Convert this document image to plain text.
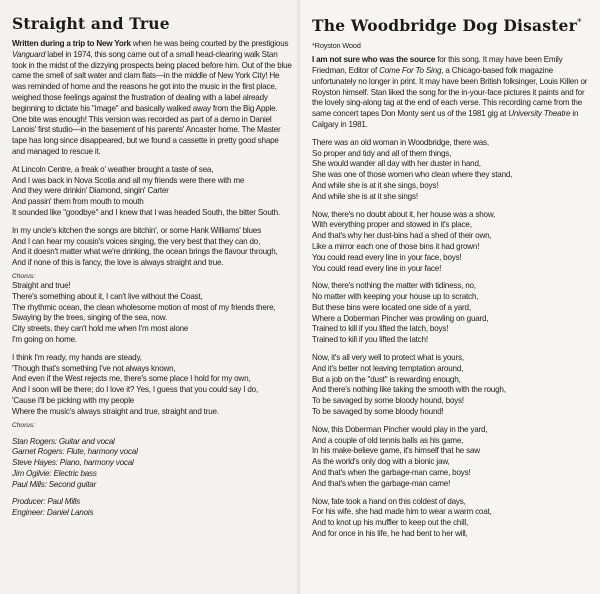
Straight and True

Written during a trip to New York when he was being courted by the prestigious Vanguard label in 1974, this song came out of a small head-clearing walk Stan took in the midst of the dizzying prospects being placed before him. Out of the blue came the smell of salt water and clam flats—in the middle of New York City! He was reminded of home and the reasons he got into the music in the first place, weighed those feelings against the frustration of dealing with a label already beginning to dictate his "image" and basically walked away from the Big Apple. One bite was enough! This version was recorded as part of a demo in Daniel Lanois' first studio—in the basement of his parents' Ancaster home. The Master tape has long since disappeared, but we found a cassette in pretty good shape and managed to rescue it.

At Lincoln Centre, a freak o' weather brought a taste of sea,

And I was back in Nova Scotia and all my friends were there with me

And they were drinkin' Diamond, singin' Carter

And passin' them from mouth to mouth

It sounded like "goodbye" and I knew that I was headed South, the bitter South.

In my uncle's kitchen the songs are bitchin', or some Hank Williams' blues

And I can hear my cousin's voices singing, the very best that they can do,

And it doesn't matter what we're drinking, the ocean brings the flavour through,

And if none of this is fancy, the love is always straight and true.

Chorus:

Straight and true!

There's something about it, I can't live without the Coast,

The rhythmic ocean, the clean wholesome motion of most of my friends there,

Swaying by the trees, singing of the sea, now.

City streets, they can't hold me when I'm most alone

I'm going on home.

I think I'm ready, my hands are steady,

'Though that's something I've not always known,

And even if the West rejects me, there's some place I hold for my own,

And I soon will be there; do I love it? Yes, I guess that you could say I do,

'Cause I'll be picking with my people

Where the music's always straight and true, straight and true.

Chorus:

Stan Rogers: Guitar and vocal

Garnet Rogers: Flute, harmony vocal

Steve Hayes: Piano, harmony vocal

Jim Ogilvie: Electric bass

Paul Mills: Second guitar

Producer: Paul Mills

Engineer: Daniel Lanois

The Woodbridge Dog Disaster*

*Royston Wood

I am not sure who was the source for this song. It may have been Emily Friedman, Editor of Come For To Sing, a Chicago-based folk magazine unfortunately no longer in print. It may have been British folksinger, Louis Killen or Royston himself. Stan liked the song for the in-your-face pictures it paints and for the lovely sing-along tag at the end of each verse. This recording came from the same concert tapes Don Monty sent us of the 1981 gig at University Theatre in Calgary in 1981.

There was an old woman in Woodbridge, there was,

So proper and tidy and all of them things,

She would wander all day with her duster in hand,

She was one of those women who clean where they stand,

And while she is at it she sings, boys!

And while she is at it she sings!

Now, there's no doubt about it, her house was a show,

With everything proper and stowed in it's place,

And that's why her dust-bins had a shed of their own,

Like a mirror each one of those bins it had grown!

You could read every line in your face, boys!

You could read every line in your face!

Now, there's nothing the matter with tidiness, no,

No matter with keeping your house up to scratch,

But these bins were located one side of a yard,

Where a Doberman Pincher was prowling on guard,

Trained to kill if you lifted the latch, boys!

Trained to kill if you lifted the latch!

Now, it's all very well to protect what is yours,

And it's better not leaving temptation around,

But a job on the "dust" is rewarding enough,

And there's nothing like taking the smooth with the rough,

To be savaged by some bloody hound, boys!

To be savaged by some bloody hound!

Now, this Doberman Pincher would play in the yard,

And a couple of old tennis balls as his game,

In his make-believe game, it's himself that he saw

As the world's only dog with a bionic jaw,

And that's when the garbage-man came, boys!

And that's when the garbage-man came!

Now, fate took a hand on this coldest of days,

For his wife, she had made him to wear a warm coat,

And to knot up his muffler to keep out the chill,

And for once in his life, he had bent to her will,
